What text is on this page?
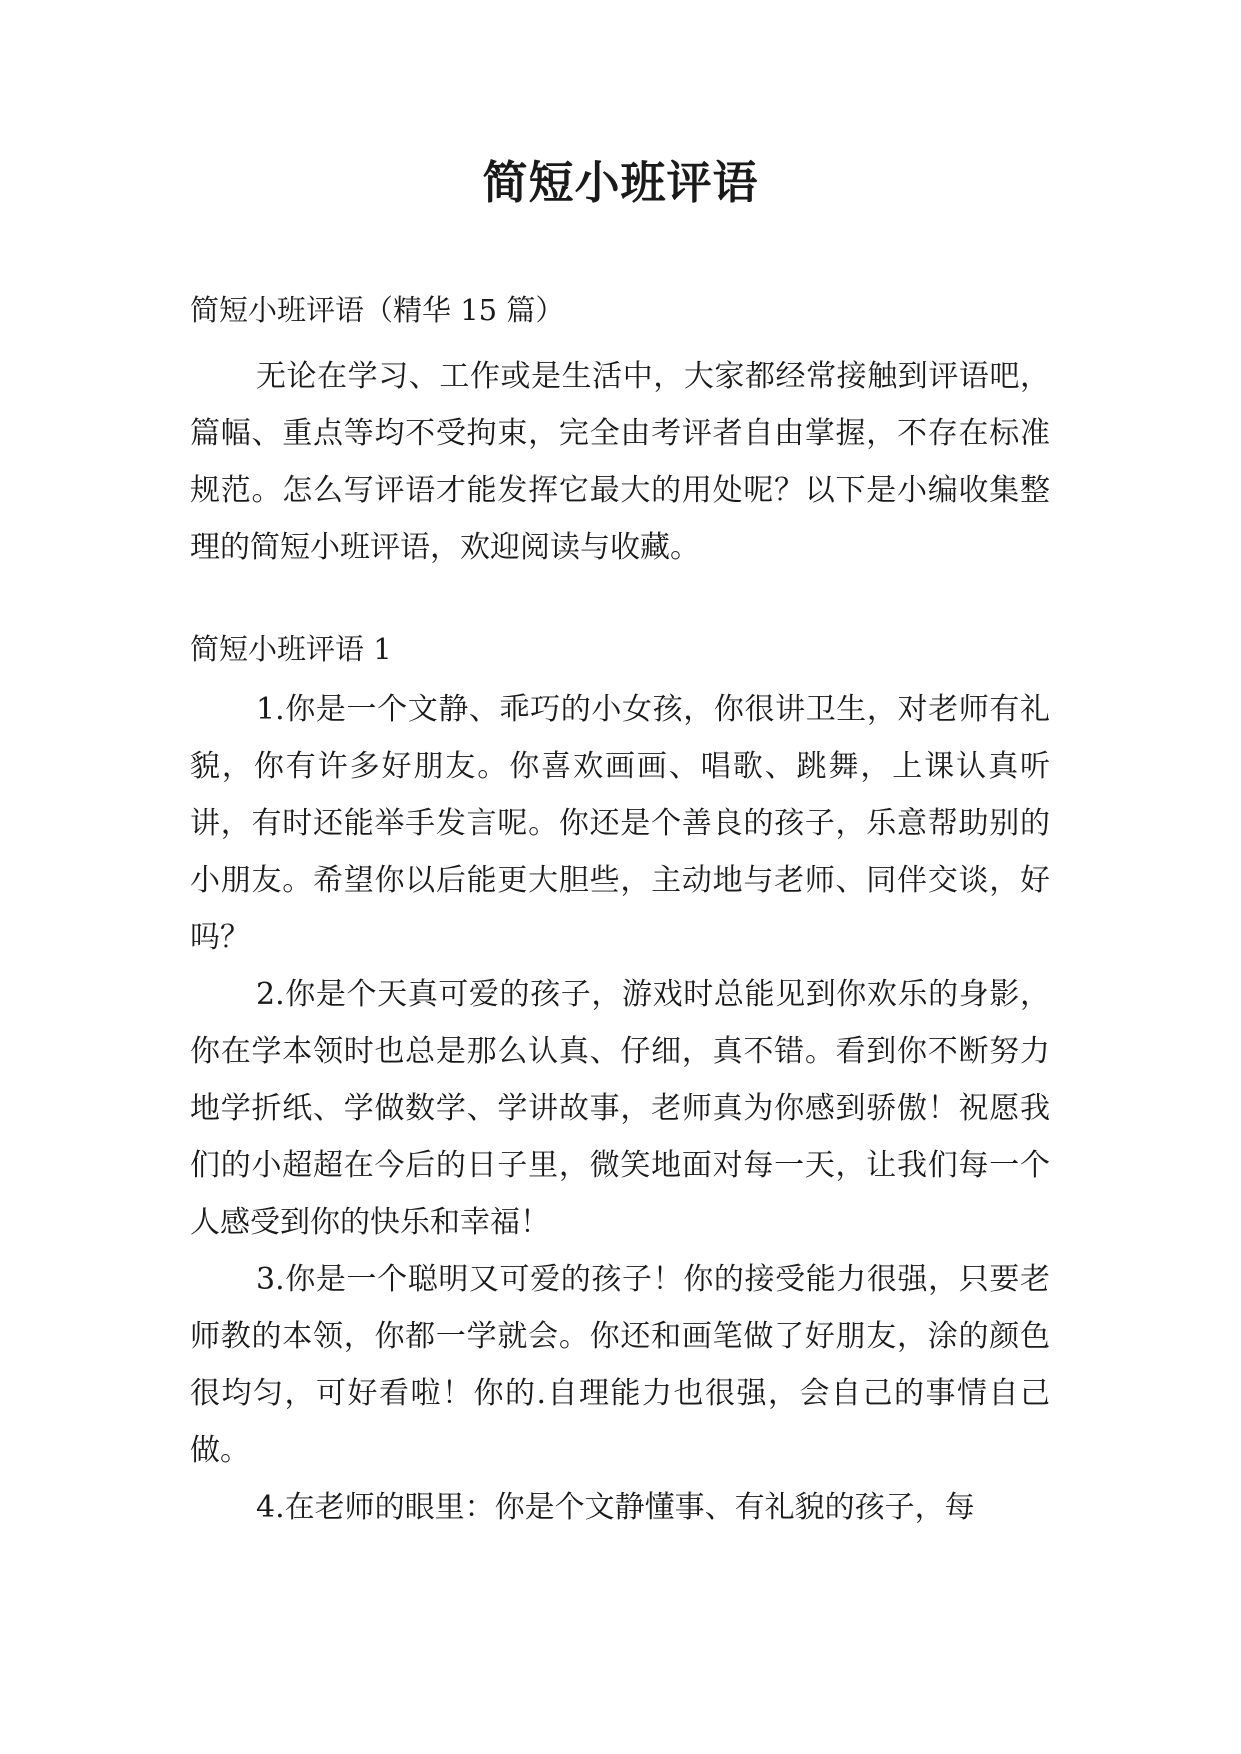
简短小班评语

简短小班评语（精华 15 篇）

无论在学习、工作或是生活中，大家都经常接触到评语吧，篇幅、重点等均不受拘束，完全由考评者自由掌握，不存在标准规范。怎么写评语才能发挥它最大的用处呢？以下是小编收集整理的简短小班评语，欢迎阅读与收藏。

简短小班评语 1

1.你是一个文静、乖巧的小女孩，你很讲卫生，对老师有礼貌，你有许多好朋友。你喜欢画画、唱歌、跳舞，上课认真听讲，有时还能举手发言呢。你还是个善良的孩子，乐意帮助别的小朋友。希望你以后能更大胆些，主动地与老师、同伴交谈，好吗？

2.你是个天真可爱的孩子，游戏时总能见到你欢乐的身影，你在学本领时也总是那么认真、仔细，真不错。看到你不断努力地学折纸、学做数学、学讲故事，老师真为你感到骄傲！祝愿我们的小超超在今后的日子里，微笑地面对每一天，让我们每一个人感受到你的快乐和幸福！

3.你是一个聪明又可爱的孩子！你的接受能力很强，只要老师教的本领，你都一学就会。你还和画笔做了好朋友，涂的颜色很均匀，可好看啦！你的.自理能力也很强，会自己的事情自己做。

4.在老师的眼里：你是个文静懂事、有礼貌的孩子，每
